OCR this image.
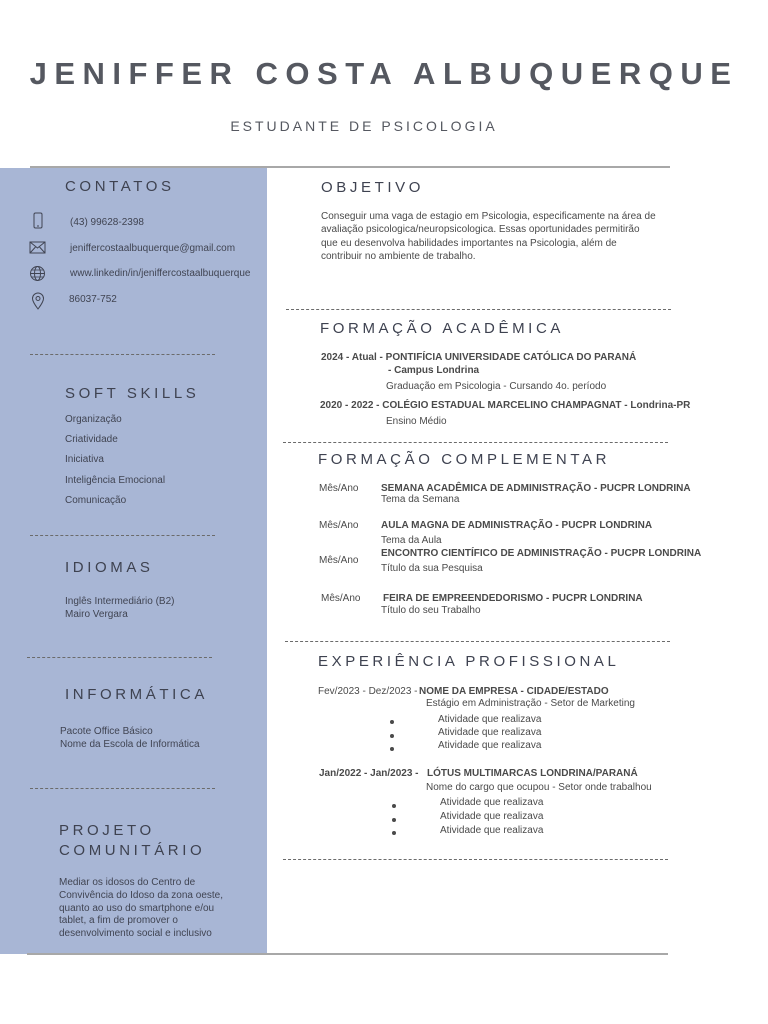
JENIFFER COSTA ALBUQUERQUE
ESTUDANTE DE PSICOLOGIA
CONTATOS
(43) 99628-2398
jeniffercostaalbuquerque@gmail.com
www.linkedin/in/jeniffercostaalbuquerque
86037-752
SOFT SKILLS
Organização
Criatividade
Iniciativa
Inteligência Emocional
Comunicação
IDIOMAS
Inglês Intermediário (B2)
Mairo Vergara
INFORMÁTICA
Pacote Office Básico
Nome da Escola de Informática
PROJETO
COMUNITÁRIO
Mediar os idosos do Centro de
Convivência do Idoso da zona oeste,
quanto ao uso do smartphone e/ou
tablet, a fim de promover o
desenvolvimento social e inclusivo
OBJETIVO
Conseguir uma vaga de estagio em Psicologia, especificamente na área de
avaliação psicologica/neuropsicologica. Essas oportunidades permitirão
que eu desenvolva habilidades importantes na Psicologia, além de
contribuir no ambiente de trabalho.
FORMAÇÃO ACADÊMICA
2024 - Atual - PONTIFÍCIA UNIVERSIDADE CATÓLICA DO PARANÁ
- Campus Londrina
Graduação em Psicologia - Cursando 4o. período
2020 - 2022 - COLÉGIO ESTADUAL MARCELINO CHAMPAGNAT - Londrina-PR
Ensino Médio
FORMAÇÃO COMPLEMENTAR
Mês/Ano SEMANA ACADÊMICA DE ADMINISTRAÇÃO - PUCPR LONDRINA
Tema da Semana
Mês/Ano AULA MAGNA DE ADMINISTRAÇÃO - PUCPR LONDRINA
Tema da Aula
Mês/Ano
ENCONTRO CIENTÍFICO DE ADMINISTRAÇÃO - PUCPR LONDRINA
Título da sua Pesquisa
Mês/Ano FEIRA DE EMPREENDEDORISMO - PUCPR LONDRINA
Título do seu Trabalho
EXPERIÊNCIA PROFISSIONAL
Fev/2023 - Dez/2023 - NOME DA EMPRESA - CIDADE/ESTADO
Estágio em Administração - Setor de Marketing
Atividade que realizava
Atividade que realizava
Atividade que realizava
Jan/2022 - Jan/2023 - LÓTUS MULTIMARCAS LONDRINA/PARANÁ
Nome do cargo que ocupou - Setor onde trabalhou
Atividade que realizava
Atividade que realizava
Atividade que realizava
